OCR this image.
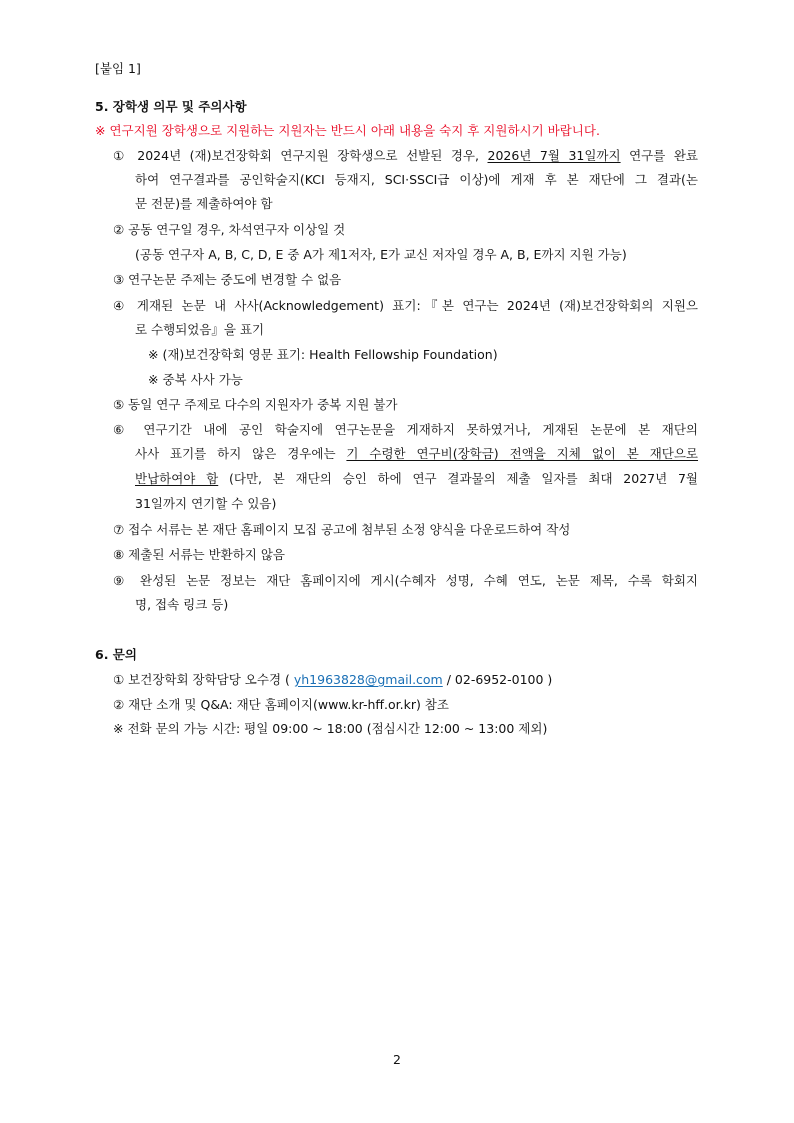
[붙임 1]
5. 장학생 의무 및 주의사항
※ 연구지원 장학생으로 지원하는 지원자는 반드시 아래 내용을 숙지 후 지원하시기 바랍니다.
① 2024년 (재)보건장학회 연구지원 장학생으로 선발된 경우, 2026년 7월 31일까지 연구를 완료
하여 연구결과를 공인학술지(KCI 등재지, SCI·SSCI급 이상)에 게재 후 본 재단에 그 결과(논
문 전문)를 제출하여야 함
② 공동 연구일 경우, 차석연구자 이상일 것
(공동 연구자 A, B, C, D, E 중 A가 제1저자, E가 교신 저자일 경우 A, B, E까지 지원 가능)
③ 연구논문 주제는 중도에 변경할 수 없음
④ 게재된 논문 내 사사(Acknowledgement) 표기:『본 연구는 2024년 (재)보건장학회의 지원으
로 수행되었음』을 표기
※ (재)보건장학회 영문 표기: Health Fellowship Foundation)
※ 중복 사사 가능
⑤ 동일 연구 주제로 다수의 지원자가 중복 지원 불가
⑥ 연구기간 내에 공인 학술지에 연구논문을 게재하지 못하였거나, 게재된 논문에 본 재단의
사사 표기를 하지 않은 경우에는 기 수령한 연구비(장학금) 전액을 지체 없이 본 재단으로
반납하여야 함 (다만, 본 재단의 승인 하에 연구 결과물의 제출 일자를 최대 2027년 7월
31일까지 연기할 수 있음)
⑦ 접수 서류는 본 재단 홈페이지 모집 공고에 첨부된 소정 양식을 다운로드하여 작성
⑧ 제출된 서류는 반환하지 않음
⑨ 완성된 논문 정보는 재단 홈페이지에 게시(수혜자 성명, 수혜 연도, 논문 제목, 수록 학회지
명, 접속 링크 등)
6. 문의
① 보건장학회 장학담당 오수경 ( yh1963828@gmail.com / 02-6952-0100 )
② 재단 소개 및 Q&A: 재단 홈페이지(www.kr-hff.or.kr) 참조
※ 전화 문의 가능 시간: 평일 09:00 ~ 18:00 (점심시간 12:00 ~ 13:00 제외)
2
